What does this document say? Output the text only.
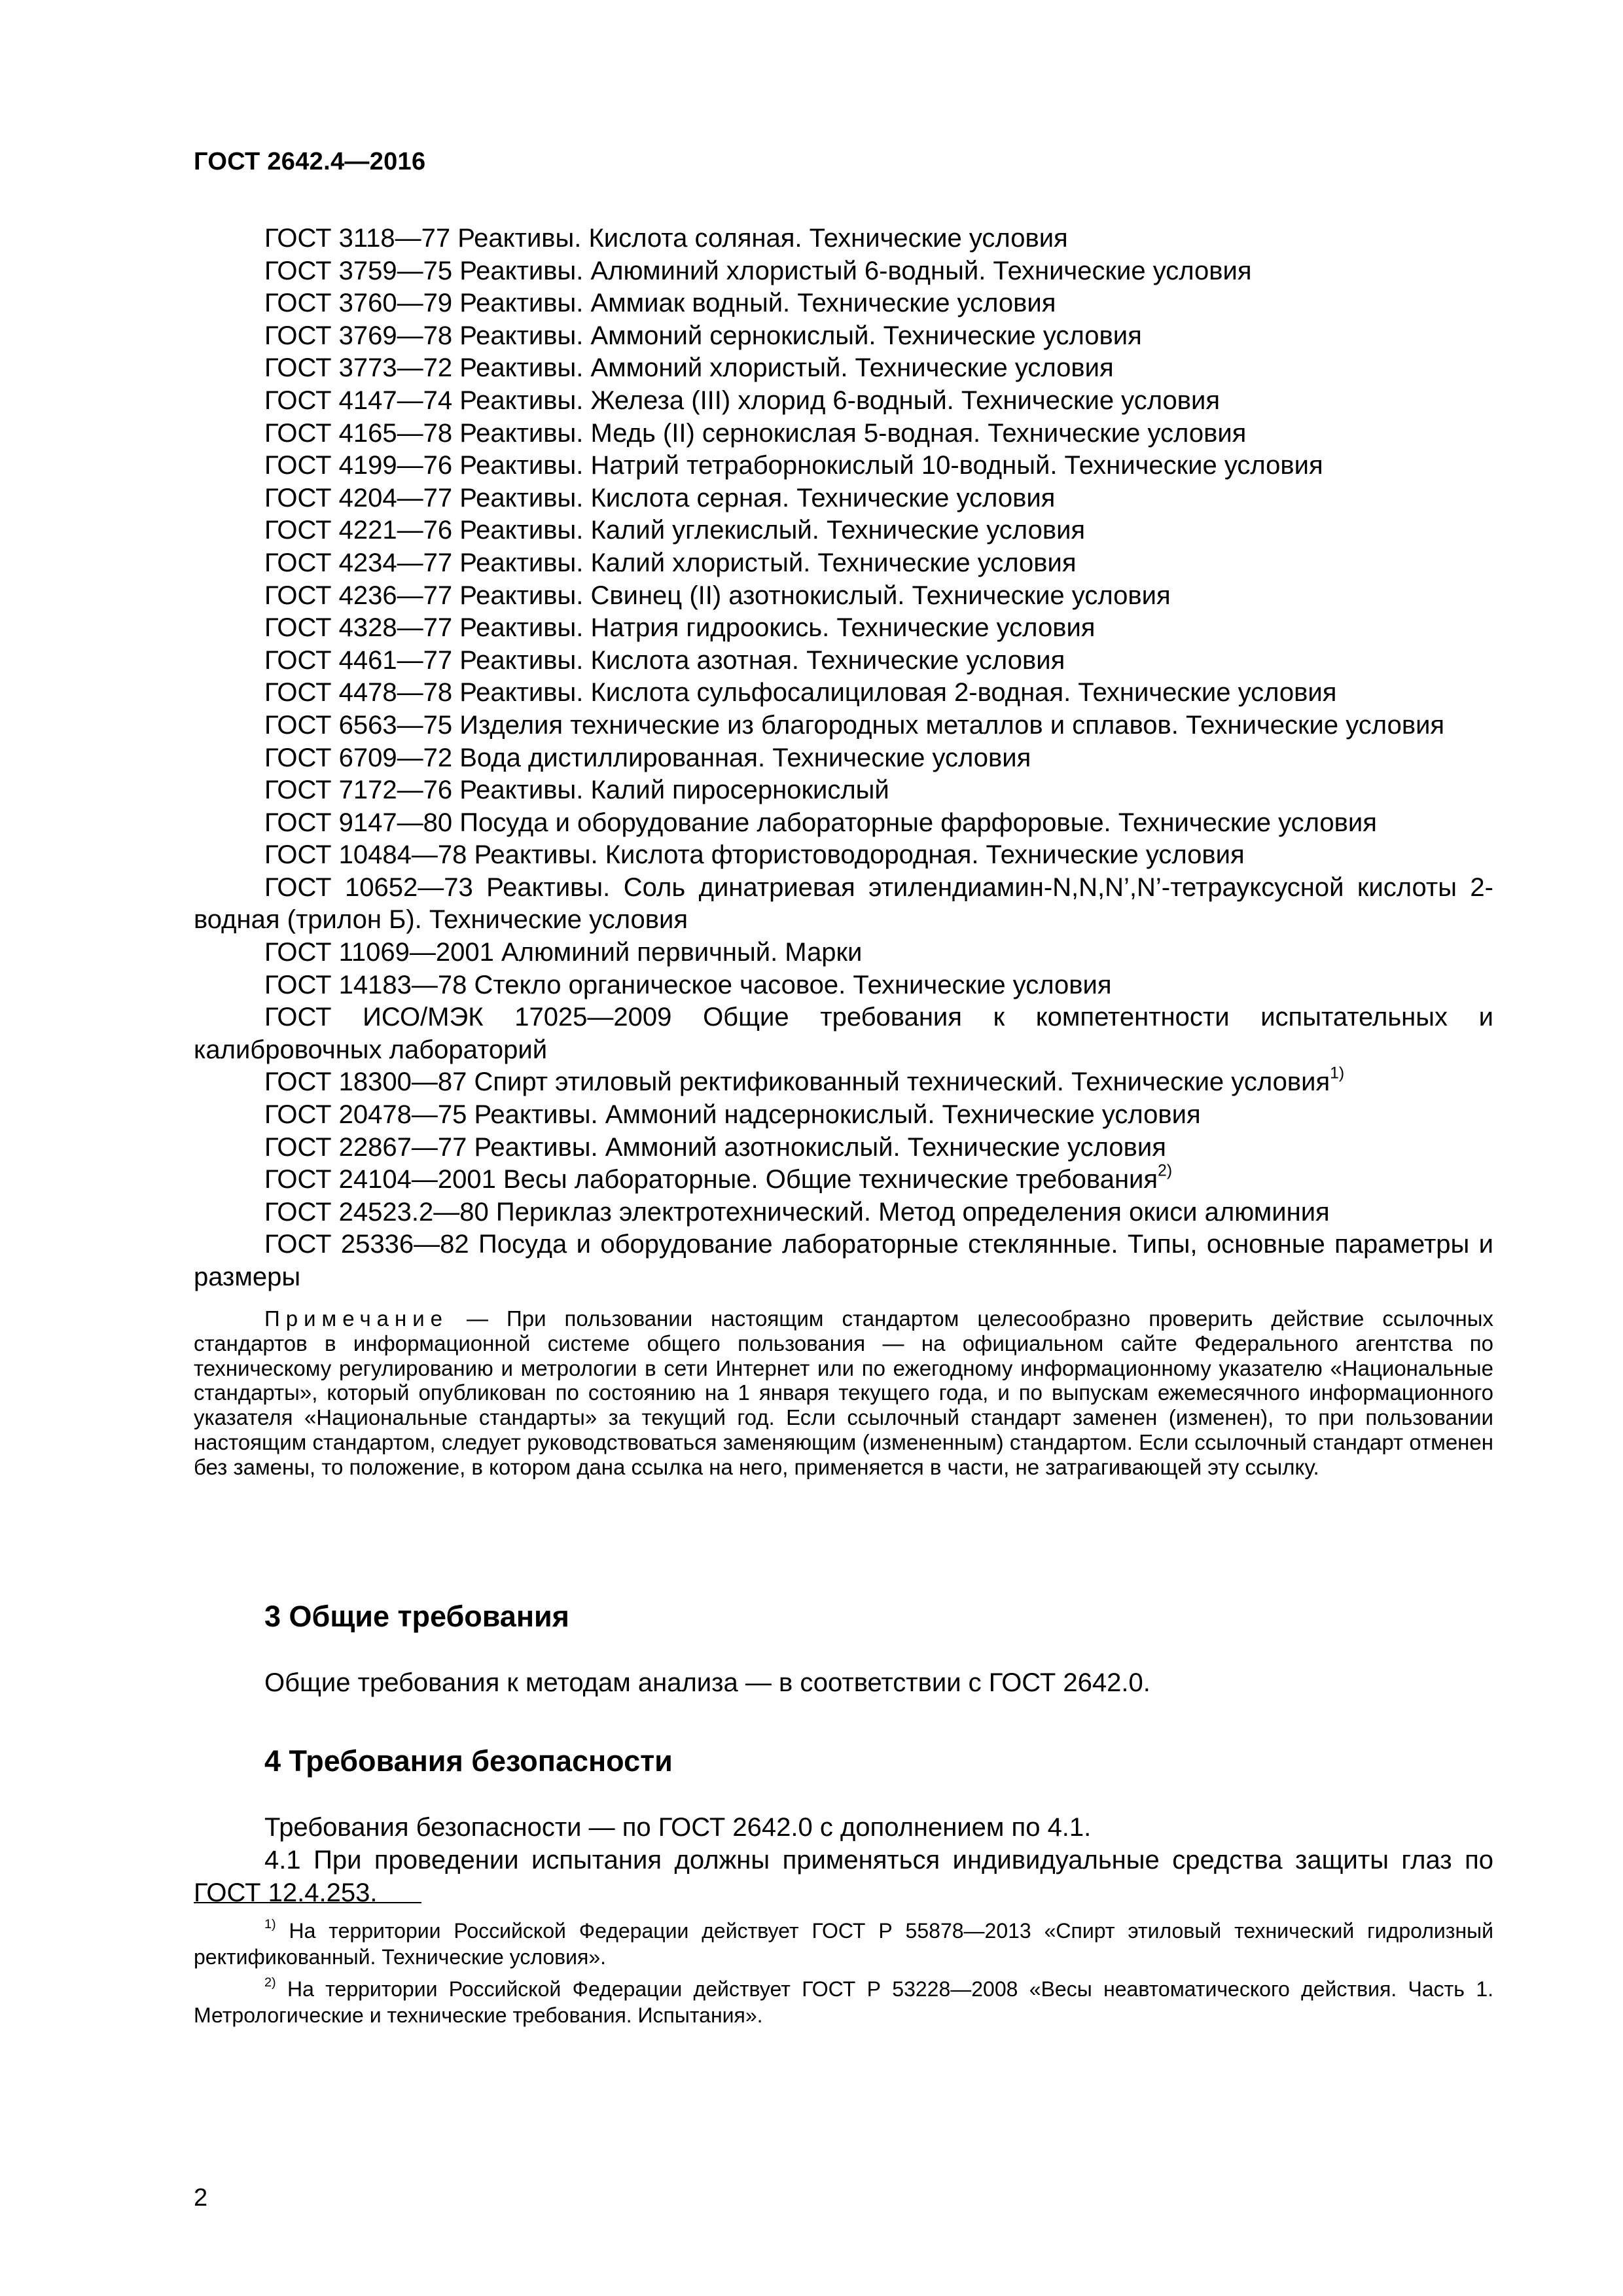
ГОСТ 2642.4—2016

ГОСТ 3118—77 Реактивы. Кислота соляная. Технические условия

ГОСТ 3759—75 Реактивы. Алюминий хлористый 6-водный. Технические условия

ГОСТ 3760—79 Реактивы. Аммиак водный. Технические условия

ГОСТ 3769—78 Реактивы. Аммоний сернокислый. Технические условия

ГОСТ 3773—72 Реактивы. Аммоний хлористый. Технические условия

ГОСТ 4147—74 Реактивы. Железа (III) хлорид 6-водный. Технические условия

ГОСТ 4165—78 Реактивы. Медь (II) сернокислая 5-водная. Технические условия

ГОСТ 4199—76 Реактивы. Натрий тетраборнокислый 10-водный. Технические условия

ГОСТ 4204—77 Реактивы. Кислота серная. Технические условия

ГОСТ 4221—76 Реактивы. Калий углекислый. Технические условия

ГОСТ 4234—77 Реактивы. Калий хлористый. Технические условия

ГОСТ 4236—77 Реактивы. Свинец (II) азотнокислый. Технические условия

ГОСТ 4328—77 Реактивы. Натрия гидроокись. Технические условия

ГОСТ 4461—77 Реактивы. Кислота азотная. Технические условия

ГОСТ 4478—78 Реактивы. Кислота сульфосалициловая 2-водная. Технические условия

ГОСТ 6563—75 Изделия технические из благородных металлов и сплавов. Технические условия

ГОСТ 6709—72 Вода дистиллированная. Технические условия

ГОСТ 7172—76 Реактивы. Калий пиросернокислый

ГОСТ 9147—80 Посуда и оборудование лабораторные фарфоровые. Технические условия

ГОСТ 10484—78 Реактивы. Кислота фтористоводородная. Технические условия

ГОСТ 10652—73 Реактивы. Соль динатриевая этилендиамин-N,N,N’,N’-тетрауксусной кислоты 2-водная (трилон Б). Технические условия

ГОСТ 11069—2001 Алюминий первичный. Марки

ГОСТ 14183—78 Стекло органическое часовое. Технические условия

ГОСТ ИСО/МЭК 17025—2009 Общие требования к компетентности испытательных и калибровочных лабораторий

ГОСТ 18300—87 Спирт этиловый ректификованный технический. Технические условия$^{1)}$

ГОСТ 20478—75 Реактивы. Аммоний надсернокислый. Технические условия

ГОСТ 22867—77 Реактивы. Аммоний азотнокислый. Технические условия

ГОСТ 24104—2001 Весы лабораторные. Общие технические требования$^{2)}$

ГОСТ 24523.2—80 Периклаз электротехнический. Метод определения окиси алюминия

ГОСТ 25336—82 Посуда и оборудование лабораторные стеклянные. Типы, основные параметры и размеры

Примечание — При пользовании настоящим стандартом целесообразно проверить действие ссылочных стандартов в информационной системе общего пользования — на официальном сайте Федерального агентства по техническому регулированию и метрологии в сети Интернет или по ежегодному информационному указателю «Национальные стандарты», который опубликован по состоянию на 1 января текущего года, и по выпускам ежемесячного информационного указателя «Национальные стандарты» за текущий год. Если ссылочный стандарт заменен (изменен), то при пользовании настоящим стандартом, следует руководствоваться заменяющим (измененным) стандартом. Если ссылочный стандарт отменен без замены, то положение, в котором дана ссылка на него, применяется в части, не затрагивающей эту ссылку.

3 Общие требования

Общие требования к методам анализа — в соответствии с ГОСТ 2642.0.

4 Требования безопасности

Требования безопасности — по ГОСТ 2642.0 с дополнением по 4.1.

4.1 При проведении испытания должны применяться индивидуальные средства защиты глаз по ГОСТ 12.4.253.

$^{1)}$ На территории Российской Федерации действует ГОСТ Р 55878—2013 «Спирт этиловый технический гидролизный ректификованный. Технические условия».

$^{2)}$ На территории Российской Федерации действует ГОСТ Р 53228—2008 «Весы неавтоматического действия. Часть 1. Метрологические и технические требования. Испытания».

2
